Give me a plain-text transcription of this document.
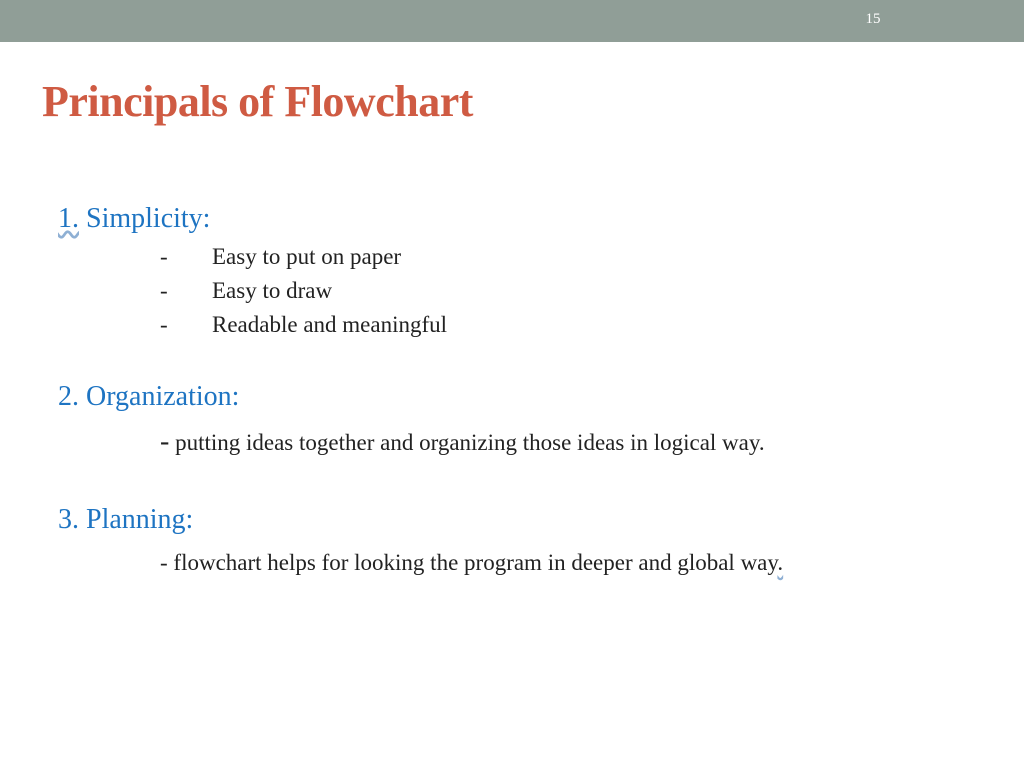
15
Principals of Flowchart
1. Simplicity:
- Easy to put on paper
- Easy to draw
- Readable and meaningful
2. Organization:
- putting ideas together and organizing those ideas in logical way.
3. Planning:
- flowchart helps for looking the program in deeper and global way.
